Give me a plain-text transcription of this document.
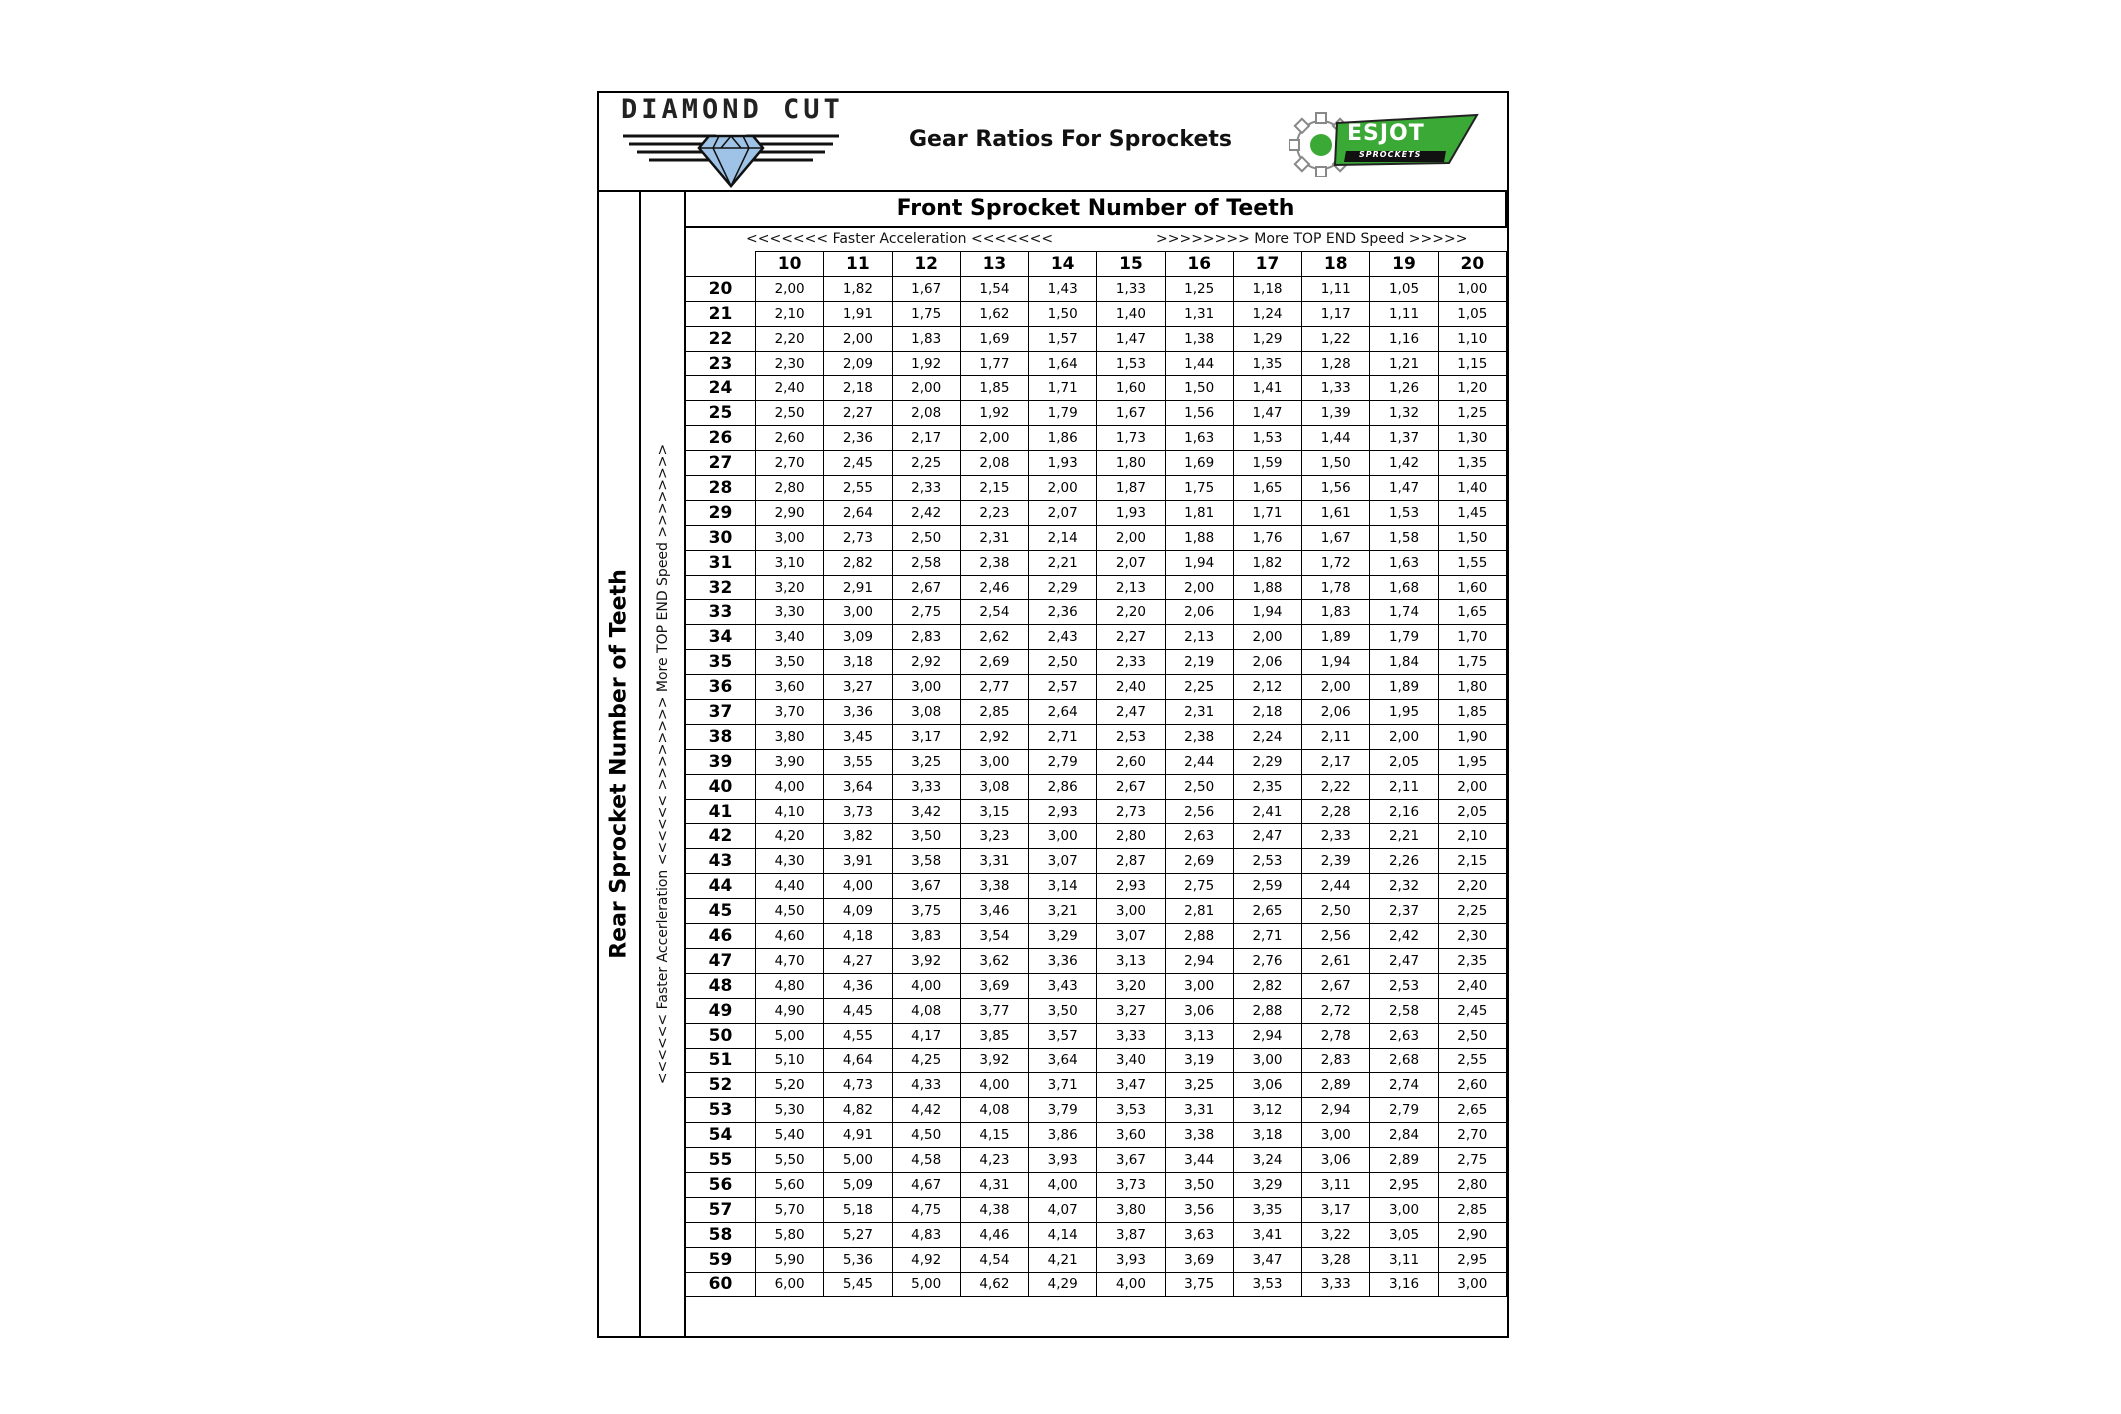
DIAMOND CUT
Gear Ratios For Sprockets	ESJOT
SPROCKETS
Rear Sprocket Number of Teeth <<<<<< Faster Accerleration <<<<<< >>>>>>>> More TOP END Speed >>>>>>>>
Front Sprocket Number of Teeth
<<<<<<< Faster Acceleration <<<<<<<	>>>>>>>> More TOP END Speed >>>>>
	10	11	12	13	14	15	16	17	18	19	20
20	2,00	1,82	1,67	1,54	1,43	1,33	1,25	1,18	1,11	1,05	1,00
21	2,10	1,91	1,75	1,62	1,50	1,40	1,31	1,24	1,17	1,11	1,05
22	2,20	2,00	1,83	1,69	1,57	1,47	1,38	1,29	1,22	1,16	1,10
23	2,30	2,09	1,92	1,77	1,64	1,53	1,44	1,35	1,28	1,21	1,15
24	2,40	2,18	2,00	1,85	1,71	1,60	1,50	1,41	1,33	1,26	1,20
25	2,50	2,27	2,08	1,92	1,79	1,67	1,56	1,47	1,39	1,32	1,25
26	2,60	2,36	2,17	2,00	1,86	1,73	1,63	1,53	1,44	1,37	1,30
27	2,70	2,45	2,25	2,08	1,93	1,80	1,69	1,59	1,50	1,42	1,35
28	2,80	2,55	2,33	2,15	2,00	1,87	1,75	1,65	1,56	1,47	1,40
29	2,90	2,64	2,42	2,23	2,07	1,93	1,81	1,71	1,61	1,53	1,45
30	3,00	2,73	2,50	2,31	2,14	2,00	1,88	1,76	1,67	1,58	1,50
31	3,10	2,82	2,58	2,38	2,21	2,07	1,94	1,82	1,72	1,63	1,55
32	3,20	2,91	2,67	2,46	2,29	2,13	2,00	1,88	1,78	1,68	1,60
33	3,30	3,00	2,75	2,54	2,36	2,20	2,06	1,94	1,83	1,74	1,65
34	3,40	3,09	2,83	2,62	2,43	2,27	2,13	2,00	1,89	1,79	1,70
35	3,50	3,18	2,92	2,69	2,50	2,33	2,19	2,06	1,94	1,84	1,75
36	3,60	3,27	3,00	2,77	2,57	2,40	2,25	2,12	2,00	1,89	1,80
37	3,70	3,36	3,08	2,85	2,64	2,47	2,31	2,18	2,06	1,95	1,85
38	3,80	3,45	3,17	2,92	2,71	2,53	2,38	2,24	2,11	2,00	1,90
39	3,90	3,55	3,25	3,00	2,79	2,60	2,44	2,29	2,17	2,05	1,95
40	4,00	3,64	3,33	3,08	2,86	2,67	2,50	2,35	2,22	2,11	2,00
41	4,10	3,73	3,42	3,15	2,93	2,73	2,56	2,41	2,28	2,16	2,05
42	4,20	3,82	3,50	3,23	3,00	2,80	2,63	2,47	2,33	2,21	2,10
43	4,30	3,91	3,58	3,31	3,07	2,87	2,69	2,53	2,39	2,26	2,15
44	4,40	4,00	3,67	3,38	3,14	2,93	2,75	2,59	2,44	2,32	2,20
45	4,50	4,09	3,75	3,46	3,21	3,00	2,81	2,65	2,50	2,37	2,25
46	4,60	4,18	3,83	3,54	3,29	3,07	2,88	2,71	2,56	2,42	2,30
47	4,70	4,27	3,92	3,62	3,36	3,13	2,94	2,76	2,61	2,47	2,35
48	4,80	4,36	4,00	3,69	3,43	3,20	3,00	2,82	2,67	2,53	2,40
49	4,90	4,45	4,08	3,77	3,50	3,27	3,06	2,88	2,72	2,58	2,45
50	5,00	4,55	4,17	3,85	3,57	3,33	3,13	2,94	2,78	2,63	2,50
51	5,10	4,64	4,25	3,92	3,64	3,40	3,19	3,00	2,83	2,68	2,55
52	5,20	4,73	4,33	4,00	3,71	3,47	3,25	3,06	2,89	2,74	2,60
53	5,30	4,82	4,42	4,08	3,79	3,53	3,31	3,12	2,94	2,79	2,65
54	5,40	4,91	4,50	4,15	3,86	3,60	3,38	3,18	3,00	2,84	2,70
55	5,50	5,00	4,58	4,23	3,93	3,67	3,44	3,24	3,06	2,89	2,75
56	5,60	5,09	4,67	4,31	4,00	3,73	3,50	3,29	3,11	2,95	2,80
57	5,70	5,18	4,75	4,38	4,07	3,80	3,56	3,35	3,17	3,00	2,85
58	5,80	5,27	4,83	4,46	4,14	3,87	3,63	3,41	3,22	3,05	2,90
59	5,90	5,36	4,92	4,54	4,21	3,93	3,69	3,47	3,28	3,11	2,95
60	6,00	5,45	5,00	4,62	4,29	4,00	3,75	3,53	3,33	3,16	3,00
